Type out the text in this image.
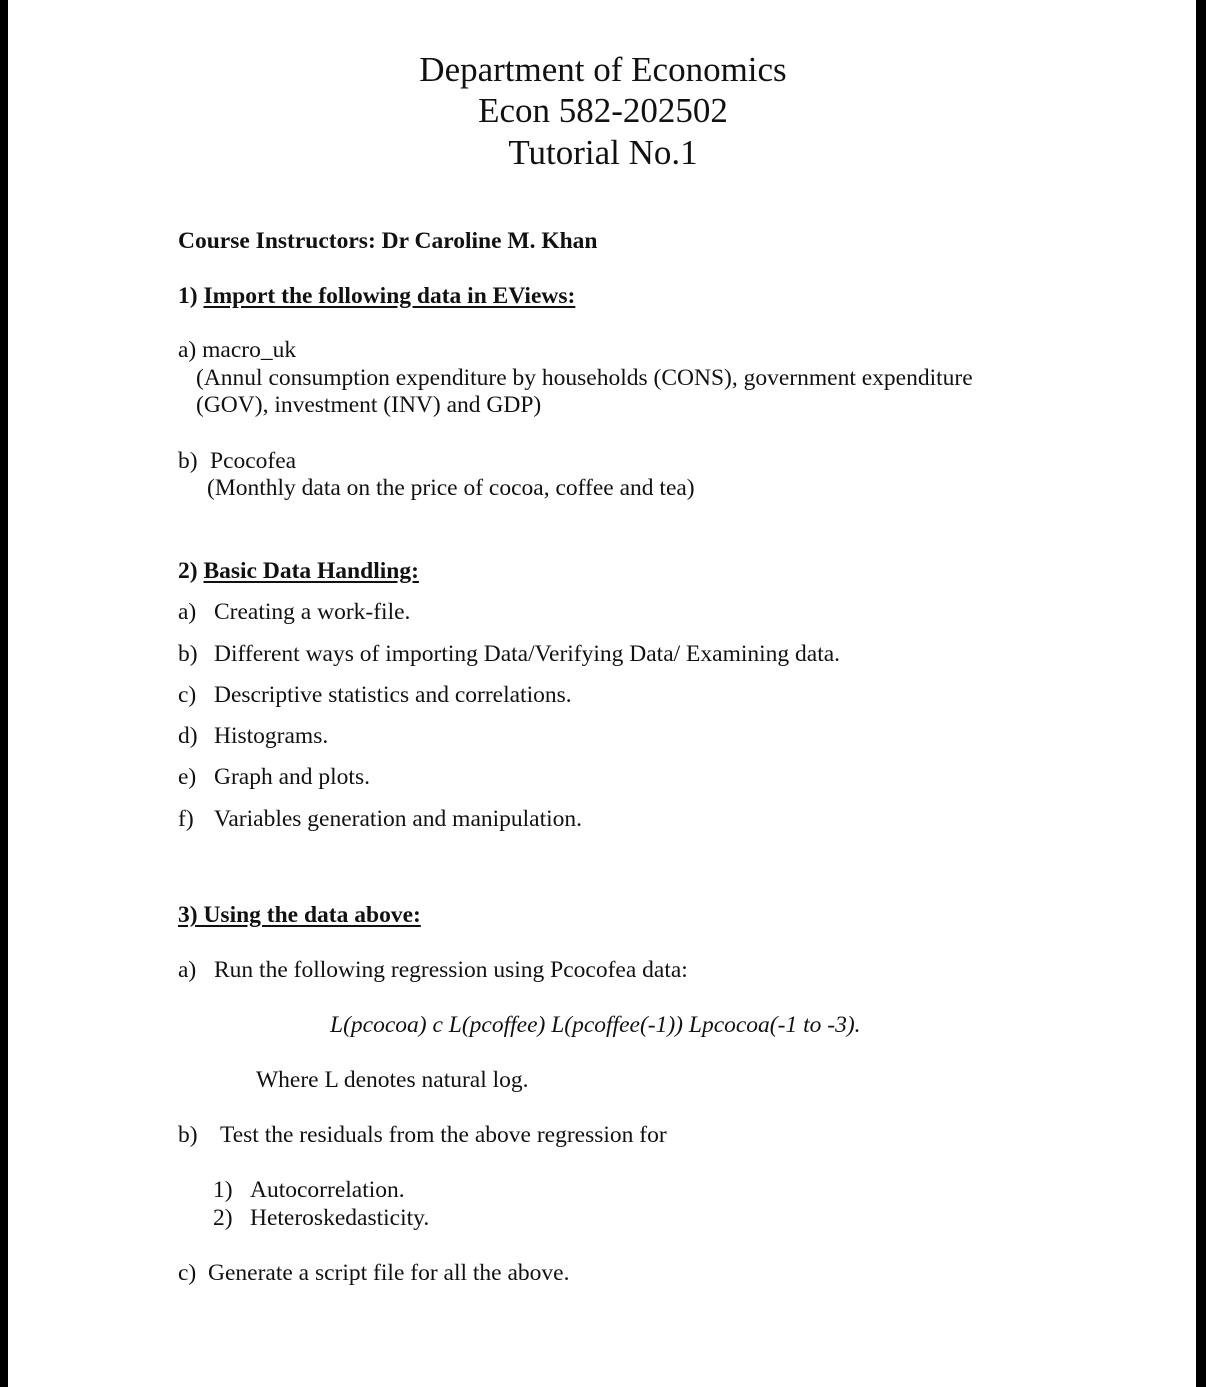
Department of Economics
Econ 582-202502
Tutorial No.1
Course Instructors: Dr Caroline M. Khan
1) Import the following data in EViews:
a) macro_uk
(Annul consumption expenditure by households (CONS), government expenditure
(GOV), investment (INV) and GDP)
b) Pcocofea
(Monthly data on the price of cocoa, coffee and tea)
2) Basic Data Handling:
a) Creating a work-file.
b) Different ways of importing Data/Verifying Data/ Examining data.
c) Descriptive statistics and correlations.
d) Histograms.
e) Graph and plots.
f) Variables generation and manipulation.
3) Using the data above:
a) Run the following regression using Pcocofea data:
L(pcocoa) c L(pcoffee) L(pcoffee(-1)) Lpcocoa(-1 to -3).
Where L denotes natural log.
b) Test the residuals from the above regression for
1) Autocorrelation.
2) Heteroskedasticity.
c) Generate a script file for all the above.
